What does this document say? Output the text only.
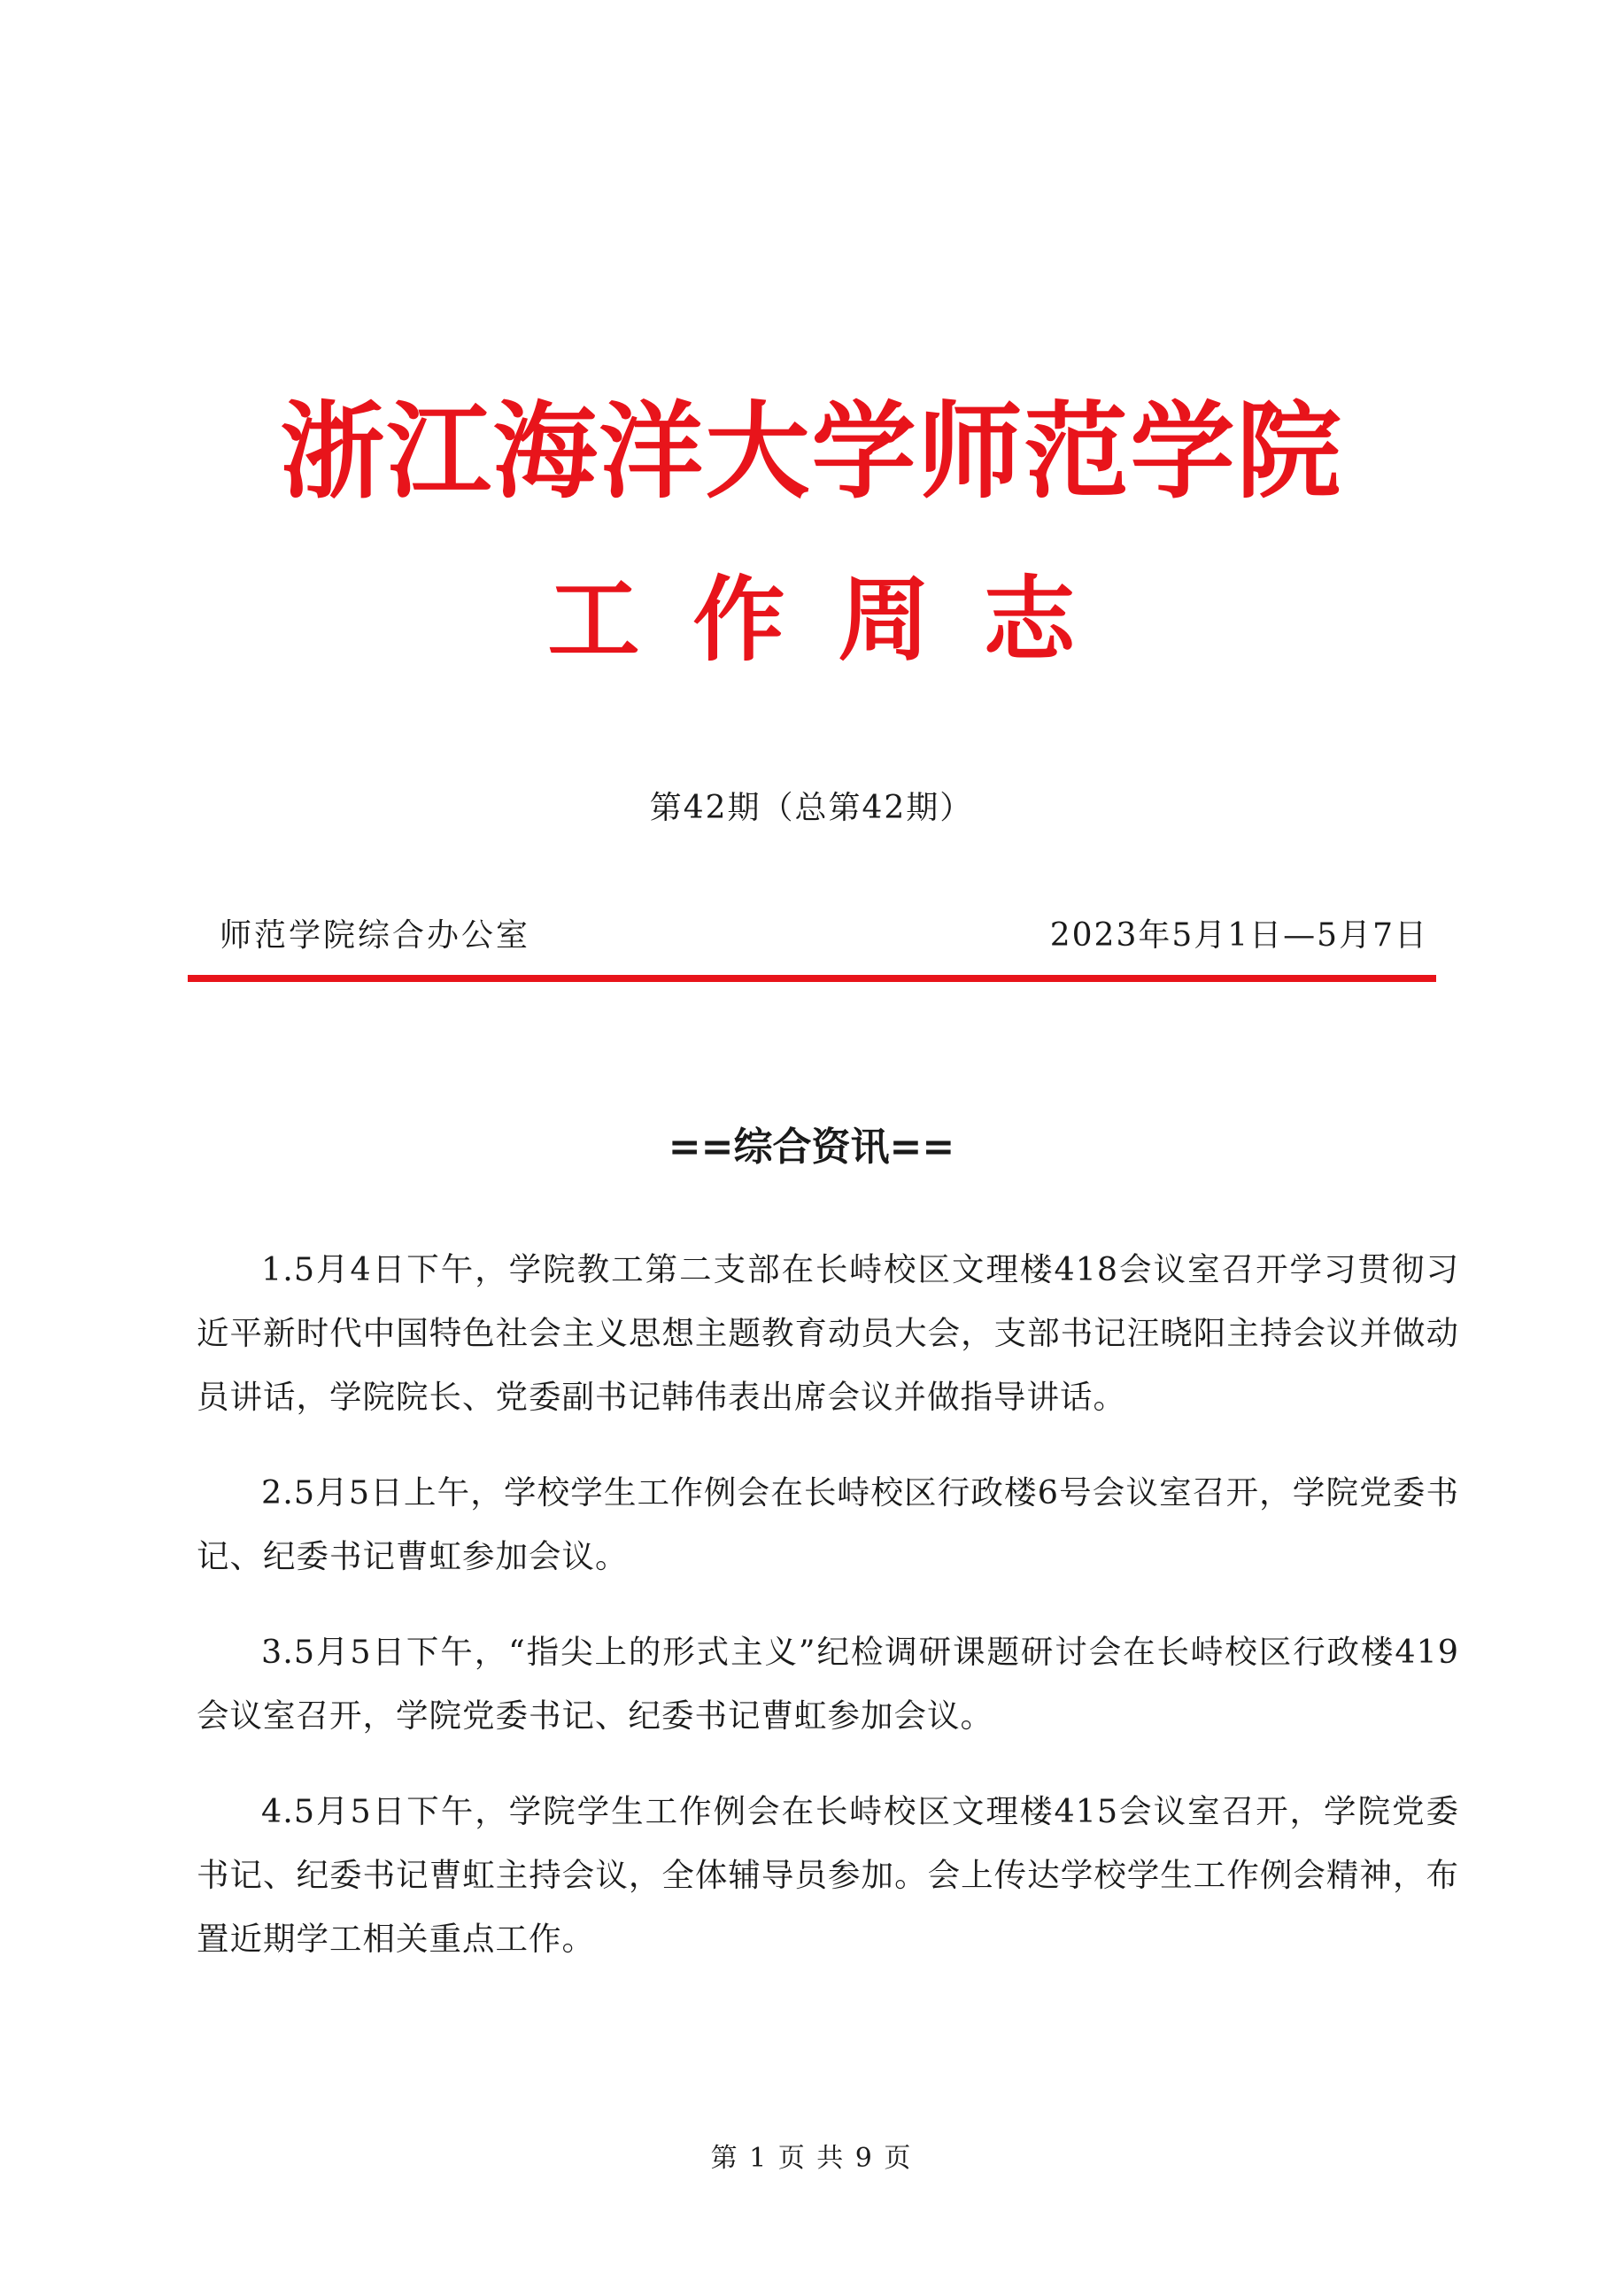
浙江海洋大学师范学院
工作周志
第42期（总第42期）
师范学院综合办公室	2023年5月1日—5月7日
==综合资讯==

1.5月4日下午，学院教工第二支部在长峙校区文理楼418会议室召开学习贯彻习近平新时代中国特色社会主义思想主题教育动员大会，支部书记汪晓阳主持会议并做动员讲话，学院院长、党委副书记韩伟表出席会议并做指导讲话。

2.5月5日上午，学校学生工作例会在长峙校区行政楼6号会议室召开，学院党委书记、纪委书记曹虹参加会议。

3.5月5日下午，“指尖上的形式主义”纪检调研课题研讨会在长峙校区行政楼419会议室召开，学院党委书记、纪委书记曹虹参加会议。

4.5月5日下午，学院学生工作例会在长峙校区文理楼415会议室召开，学院党委书记、纪委书记曹虹主持会议，全体辅导员参加。会上传达学校学生工作例会精神，布置近期学工相关重点工作。

第 1 页 共 9 页
